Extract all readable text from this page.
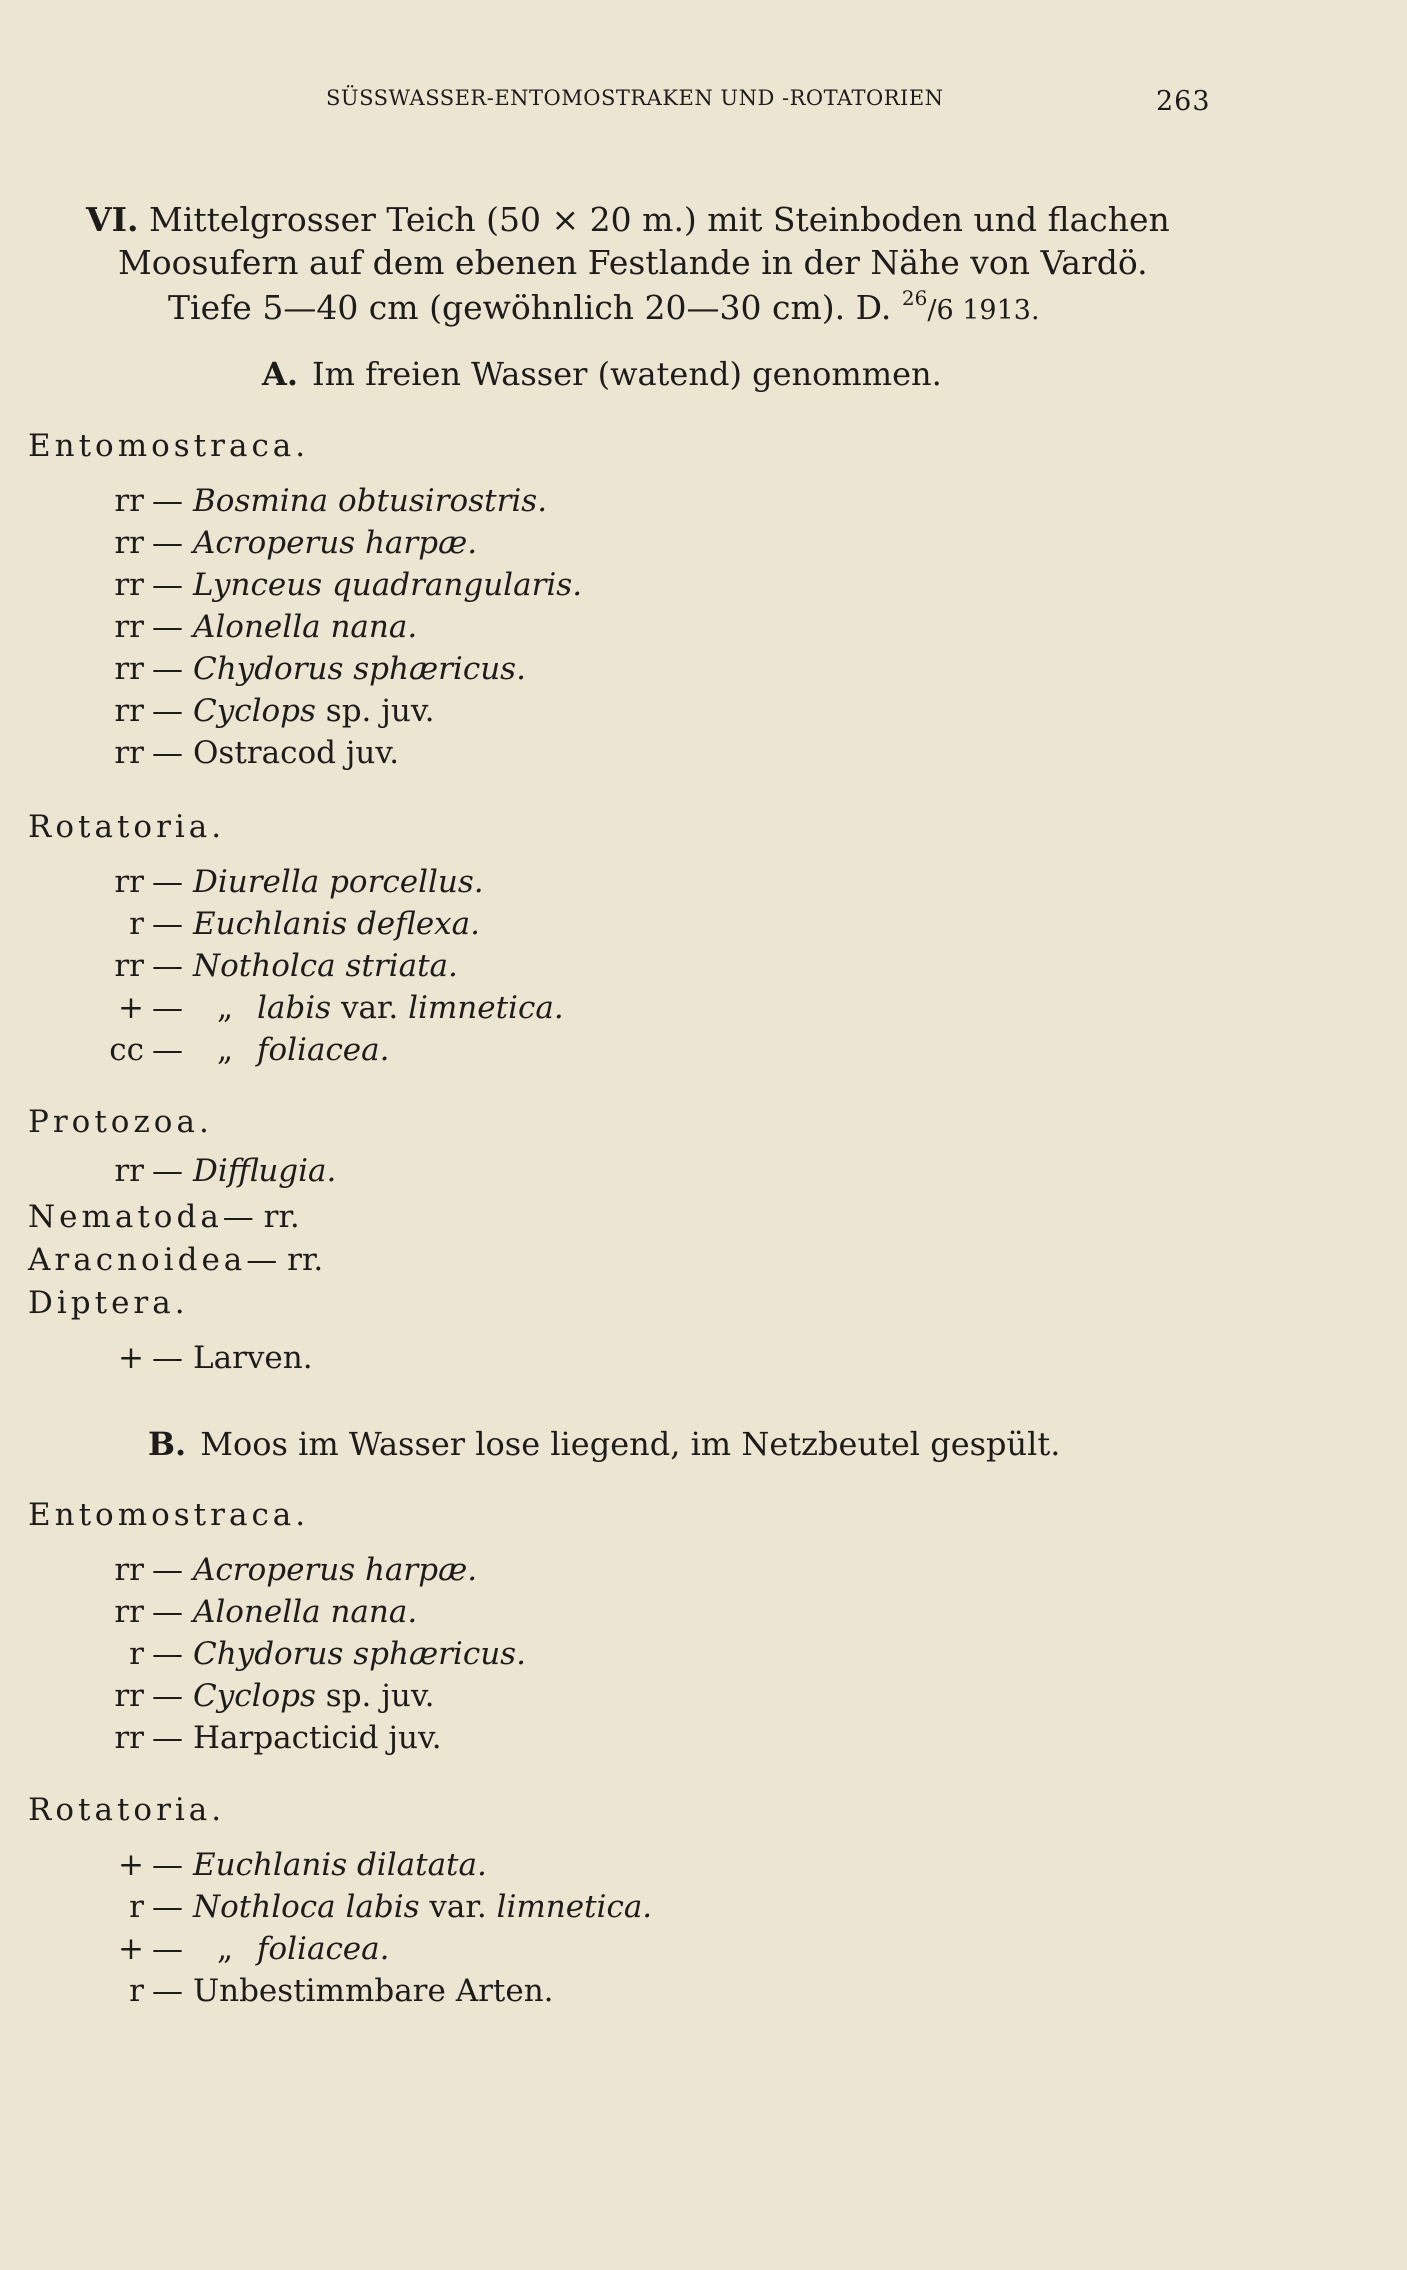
SÜSSWASSER-ENTOMOSTRAKEN UND -ROTATORIEN	263
VI. Mittelgrosser Teich (50 × 20 m.) mit Steinboden und flachen
Moosufern auf dem ebenen Festlande in der Nähe von Vardö.
Tiefe 5—40 cm (gewöhnlich 20—30 cm). D. $^{26}$/6 1913.
A. Im freien Wasser (watend) genommen.
Entomostraca.
rr — Bosmina obtusirostris.
rr — Acroperus harpæ.
rr — Lynceus quadrangularis.
rr — Alonella nana.
rr — Chydorus sphæricus.
rr — Cyclops sp. juv.
rr — Ostracod juv.
Rotatoria.
rr — Diurella porcellus.
r — Euchlanis deflexa.
rr — Notholca striata.
+ — „ labis var. limnetica.
cc — „ foliacea.
Protozoa.
rr — Difflugia.
Nematoda— rr.
Aracnoidea— rr.
Diptera.
+ — Larven.
B. Moos im Wasser lose liegend, im Netzbeutel gespült.
Entomostraca.
rr — Acroperus harpæ.
rr — Alonella nana.
r — Chydorus sphæricus.
rr — Cyclops sp. juv.
rr — Harpacticid juv.
Rotatoria.
+ — Euchlanis dilatata.
r — Nothloca labis var. limnetica.
+ — „ foliacea.
r — Unbestimmbare Arten.
